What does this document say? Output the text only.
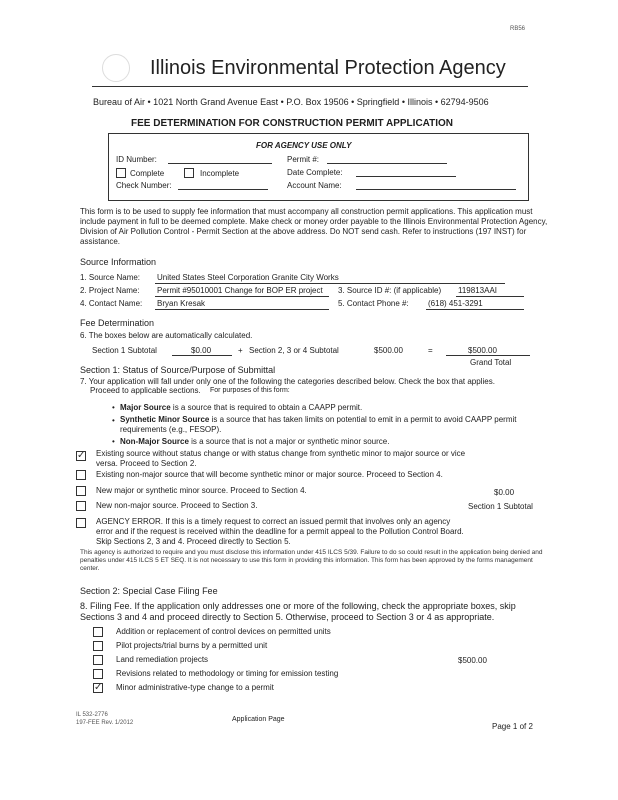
RB56
Illinois Environmental Protection Agency
Bureau of Air • 1021 North Grand Avenue East • P.O. Box 19506 • Springfield • Illinois • 62794-9506
FEE DETERMINATION FOR CONSTRUCTION PERMIT APPLICATION
FOR AGENCY USE ONLY
ID Number:	Permit #:
Complete	Incomplete	Date Complete:
Check Number:	Account Name:
This form is to be used to supply fee information that must accompany all construction permit applications. This application must include payment in full to be deemed complete. Make check or money order payable to the Illinois Environmental Protection Agency, Division of Air Pollution Control - Permit Section at the above address. Do NOT send cash. Refer to instructions (197 INST) for assistance.
Source Information
1. Source Name: United States Steel Corporation Granite City Works
2. Project Name: Permit #95010001 Change for BOP ER project 3. Source ID #: (if applicable) 119813AAI
4. Contact Name: Bryan Kresak	5. Contact Phone #: (618) 451-3291
Fee Determination
6. The boxes below are automatically calculated.
Section 1 Subtotal	$0.00	+ Section 2, 3 or 4 Subtotal	$500.00	=	$500.00
Grand Total
Section 1: Status of Source/Purpose of Submittal
7. Your application will fall under only one of the following the categories described below. Check the box that applies.
Proceed to applicable sections. For purposes of this form:
• Major Source is a source that is required to obtain a CAAPP permit.
• Synthetic Minor Source is a source that has taken limits on potential to emit in a permit to avoid CAAPP permit requirements (e.g., FESOP).
• Non-Major Source is a source that is not a major or synthetic minor source.
✓ Existing source without status change or with status change from synthetic minor to major source or vice versa. Proceed to Section 2.
Existing non-major source that will become synthetic minor or major source. Proceed to Section 4.
New major or synthetic minor source. Proceed to Section 4.	$0.00
New non-major source. Proceed to Section 3.	Section 1 Subtotal
AGENCY ERROR. If this is a timely request to correct an issued permit that involves only an agency error and if the request is received within the deadline for a permit appeal to the Pollution Control Board. Skip Sections 2, 3 and 4. Proceed directly to Section 5.
This agency is authorized to require and you must disclose this information under 415 ILCS 5/39. Failure to do so could result in the application being denied and penalties under 415 ILCS 5 ET SEQ. It is not necessary to use this form in providing this information. This form has been approved by the forms management center.
Section 2: Special Case Filing Fee
8. Filing Fee. If the application only addresses one or more of the following, check the appropriate boxes, skip Sections 3 and 4 and proceed directly to Section 5. Otherwise, proceed to Section 3 or 4 as appropriate.
Addition or replacement of control devices on permitted units
Pilot projects/trial burns by a permitted unit
Land remediation projects	$500.00
Revisions related to methodology or timing for emission testing
✓ Minor administrative-type change to a permit
IL 532-2776
197-FEE Rev. 1/2012	Application Page
Page 1 of 2
